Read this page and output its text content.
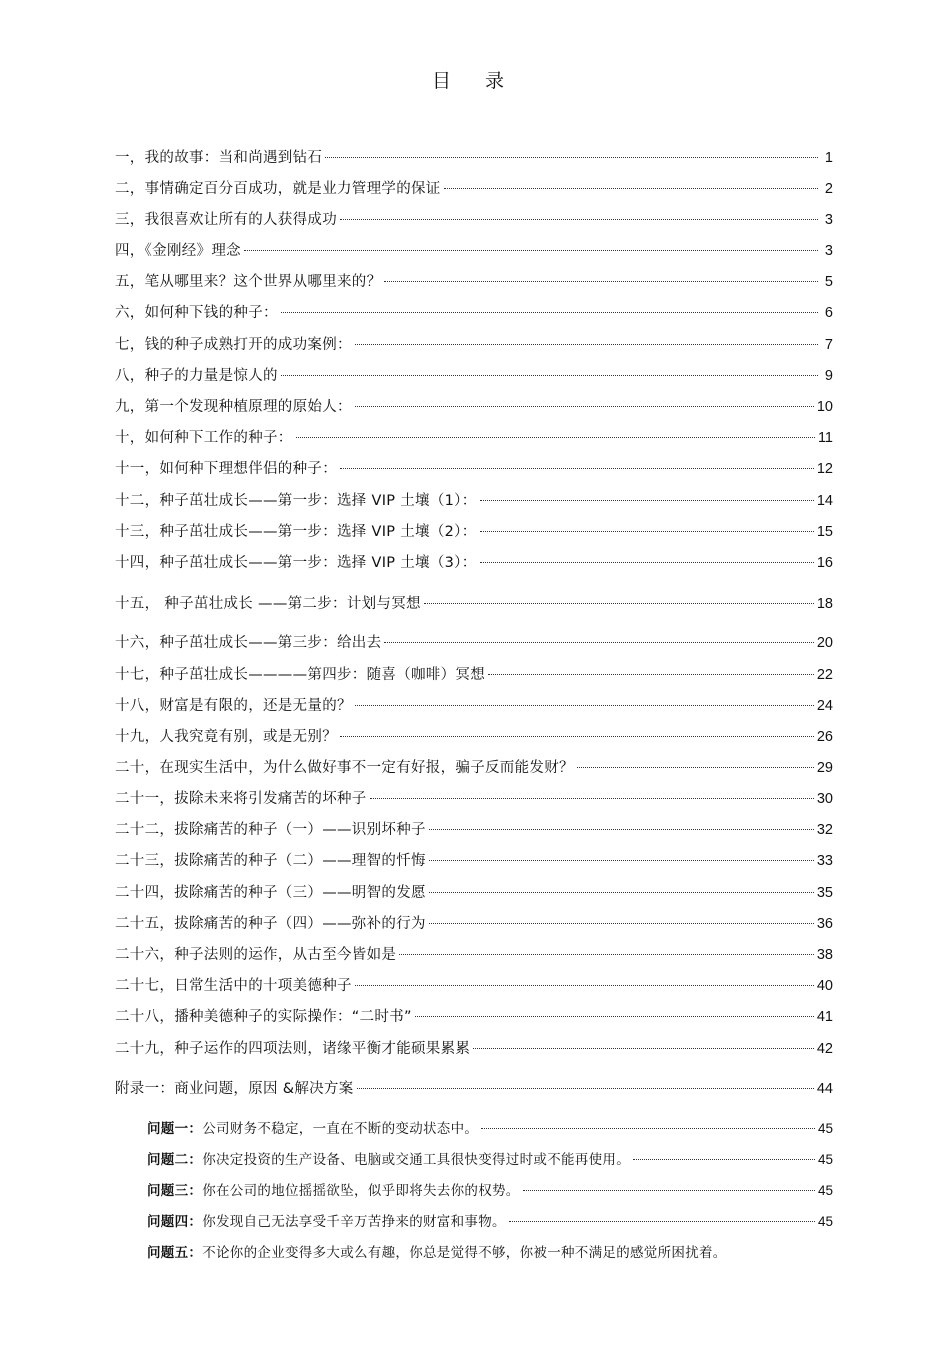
目 录
一，我的故事：当和尚遇到钻石	1
二，事情确定百分百成功，就是业力管理学的保证	2
三，我很喜欢让所有的人获得成功	3
四，《金刚经》理念	3
五，笔从哪里来？这个世界从哪里来的？	5
六，如何种下钱的种子：	6
七，钱的种子成熟打开的成功案例：	7
八，种子的力量是惊人的	9
九，第一个发现种植原理的原始人：	10
十，如何种下工作的种子：	11
十一，如何种下理想伴侣的种子：	12
十二，种子茁壮成长——第一步：选择 VIP 土壤（1）：	14
十三，种子茁壮成长——第一步：选择 VIP 土壤（2）：	15
十四，种子茁壮成长——第一步：选择 VIP 土壤（3）：	16
十五， 种子茁壮成长 ——第二步：计划与冥想	18
十六，种子茁壮成长——第三步：给出去	20
十七，种子茁壮成长————第四步：随喜（咖啡）冥想	22
十八，财富是有限的，还是无量的？	24
十九，人我究竟有别，或是无别？	26
二十，在现实生活中，为什么做好事不一定有好报，骗子反而能发财？	29
二十一，拔除未来将引发痛苦的坏种子	30
二十二，拔除痛苦的种子（一）——识别坏种子	32
二十三，拔除痛苦的种子（二）——理智的忏悔	33
二十四，拔除痛苦的种子（三）——明智的发愿	35
二十五，拔除痛苦的种子（四）——弥补的行为	36
二十六，种子法则的运作，从古至今皆如是	38
二十七，日常生活中的十项美德种子	40
二十八，播种美德种子的实际操作：“二时书”	41
二十九，种子运作的四项法则，诸缘平衡才能硕果累累	42
附录一：商业问题，原因 &解决方案	44
问题一：公司财务不稳定，一直在不断的变动状态中。	45
问题二：你决定投资的生产设备、电脑或交通工具很快变得过时或不能再使用。	45
问题三：你在公司的地位摇摇欲坠，似乎即将失去你的权势。	45
问题四：你发现自己无法享受千辛万苦挣来的财富和事物。	45
问题五：不论你的企业变得多大或么有趣，你总是觉得不够，你被一种不满足的感觉所困扰着。
